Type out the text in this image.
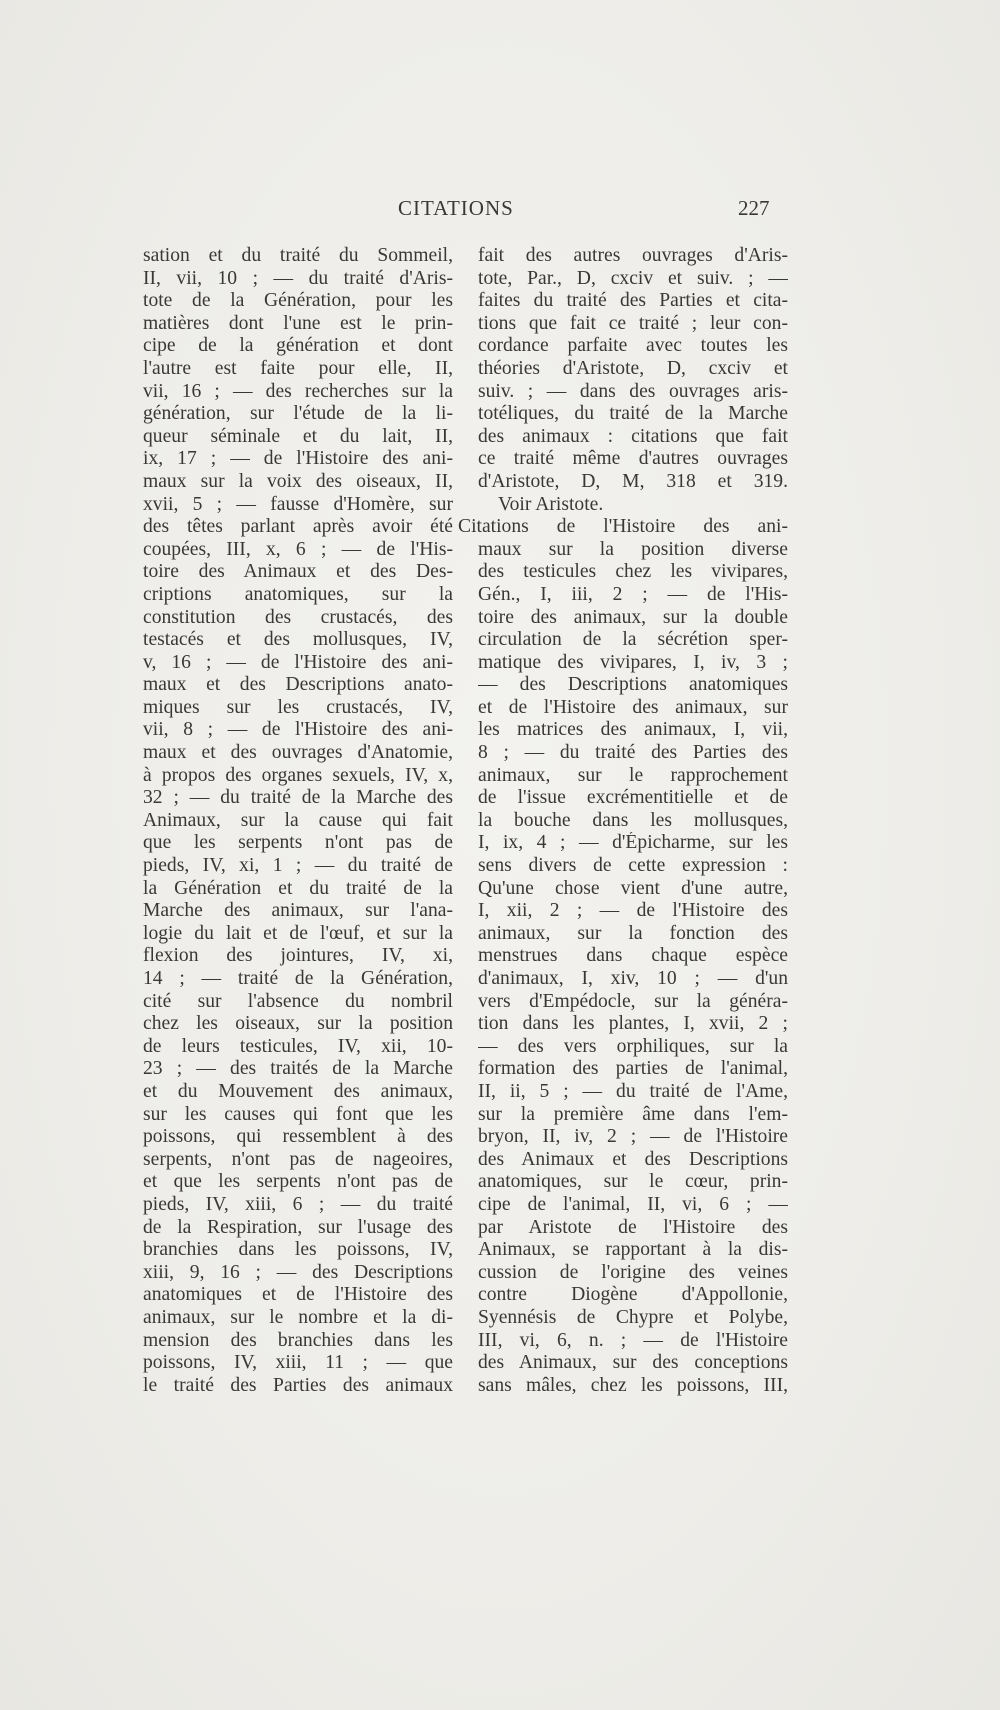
CITATIONS	227
sation et du traité du Sommeil,
II, vii, 10 ; — du traité d'Aris-
tote de la Génération, pour les
matières dont l'une est le prin-
cipe de la génération et dont
l'autre est faite pour elle, II,
vii, 16 ; — des recherches sur la
génération, sur l'étude de la li-
queur séminale et du lait, II,
ix, 17 ; — de l'Histoire des ani-
maux sur la voix des oiseaux, II,
xvii, 5 ; — fausse d'Homère, sur
des têtes parlant après avoir été
coupées, III, x, 6 ; — de l'His-
toire des Animaux et des Des-
criptions anatomiques, sur la
constitution des crustacés, des
testacés et des mollusques, IV,
v, 16 ; — de l'Histoire des ani-
maux et des Descriptions anato-
miques sur les crustacés, IV,
vii, 8 ; — de l'Histoire des ani-
maux et des ouvrages d'Anatomie,
à propos des organes sexuels, IV, x,
32 ; — du traité de la Marche des
Animaux, sur la cause qui fait
que les serpents n'ont pas de
pieds, IV, xi, 1 ; — du traité de
la Génération et du traité de la
Marche des animaux, sur l'ana-
logie du lait et de l'œuf, et sur la
flexion des jointures, IV, xi,
14 ; — traité de la Génération,
cité sur l'absence du nombril
chez les oiseaux, sur la position
de leurs testicules, IV, xii, 10-
23 ; — des traités de la Marche
et du Mouvement des animaux,
sur les causes qui font que les
poissons, qui ressemblent à des
serpents, n'ont pas de nageoires,
et que les serpents n'ont pas de
pieds, IV, xiii, 6 ; — du traité
de la Respiration, sur l'usage des
branchies dans les poissons, IV,
xiii, 9, 16 ; — des Descriptions
anatomiques et de l'Histoire des
animaux, sur le nombre et la di-
mension des branchies dans les
poissons, IV, xiii, 11 ; — que
le traité des Parties des animaux
fait des autres ouvrages d'Aris-
tote, Par., D, cxciv et suiv. ; —
faites du traité des Parties et cita-
tions que fait ce traité ; leur con-
cordance parfaite avec toutes les
théories d'Aristote, D, cxciv et
suiv. ; — dans des ouvrages aris-
totéliques, du traité de la Marche
des animaux : citations que fait
ce traité même d'autres ouvrages
d'Aristote, D, M, 318 et 319.
Voir Aristote.
Citations de l'Histoire des ani-
maux sur la position diverse
des testicules chez les vivipares,
Gén., I, iii, 2 ; — de l'His-
toire des animaux, sur la double
circulation de la sécrétion sper-
matique des vivipares, I, iv, 3 ;
— des Descriptions anatomiques
et de l'Histoire des animaux, sur
les matrices des animaux, I, vii,
8 ; — du traité des Parties des
animaux, sur le rapprochement
de l'issue excrémentitielle et de
la bouche dans les mollusques,
I, ix, 4 ; — d'Épicharme, sur les
sens divers de cette expression :
Qu'une chose vient d'une autre,
I, xii, 2 ; — de l'Histoire des
animaux, sur la fonction des
menstrues dans chaque espèce
d'animaux, I, xiv, 10 ; — d'un
vers d'Empédocle, sur la généra-
tion dans les plantes, I, xvii, 2 ;
— des vers orphiliques, sur la
formation des parties de l'animal,
II, ii, 5 ; — du traité de l'Ame,
sur la première âme dans l'em-
bryon, II, iv, 2 ; — de l'Histoire
des Animaux et des Descriptions
anatomiques, sur le cœur, prin-
cipe de l'animal, II, vi, 6 ; —
par Aristote de l'Histoire des
Animaux, se rapportant à la dis-
cussion de l'origine des veines
contre Diogène d'Appollonie,
Syennésis de Chypre et Polybe,
III, vi, 6, n. ; — de l'Histoire
des Animaux, sur des conceptions
sans mâles, chez les poissons, III,
